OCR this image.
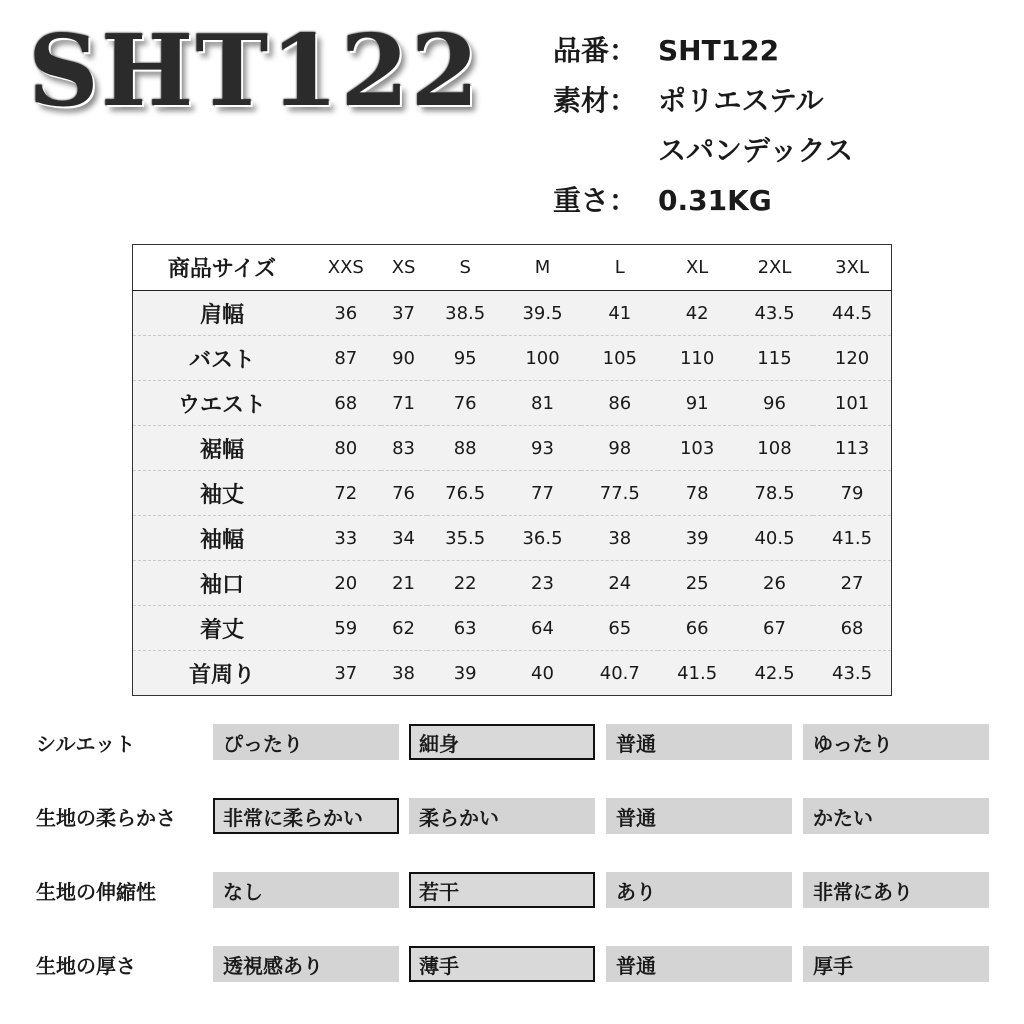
SHT122	品番： SHT122
素材： ポリエステル
スパンデックス
重さ： 0.31KG
商品サイズ	XXS	XS	S	M	L	XL	2XL	3XL
肩幅	36	37	38.5	39.5	41	42	43.5	44.5
バスト	87	90	95	100	105	110	115	120
ウエスト	68	71	76	81	86	91	96	101
裾幅	80	83	88	93	98	103	108	113
袖丈	72	76	76.5	77	77.5	78	78.5	79
袖幅	33	34	35.5	36.5	38	39	40.5	41.5
袖口	20	21	22	23	24	25	26	27
着丈	59	62	63	64	65	66	67	68
首周り	37	38	39	40	40.7	41.5	42.5	43.5
シルエット	ぴったり	細身	普通	ゆったり
生地の柔らかさ	非常に柔らかい	柔らかい	普通	かたい
生地の伸縮性	なし	若干	あり	非常にあり
生地の厚さ	透視感あり	薄手	普通	厚手
